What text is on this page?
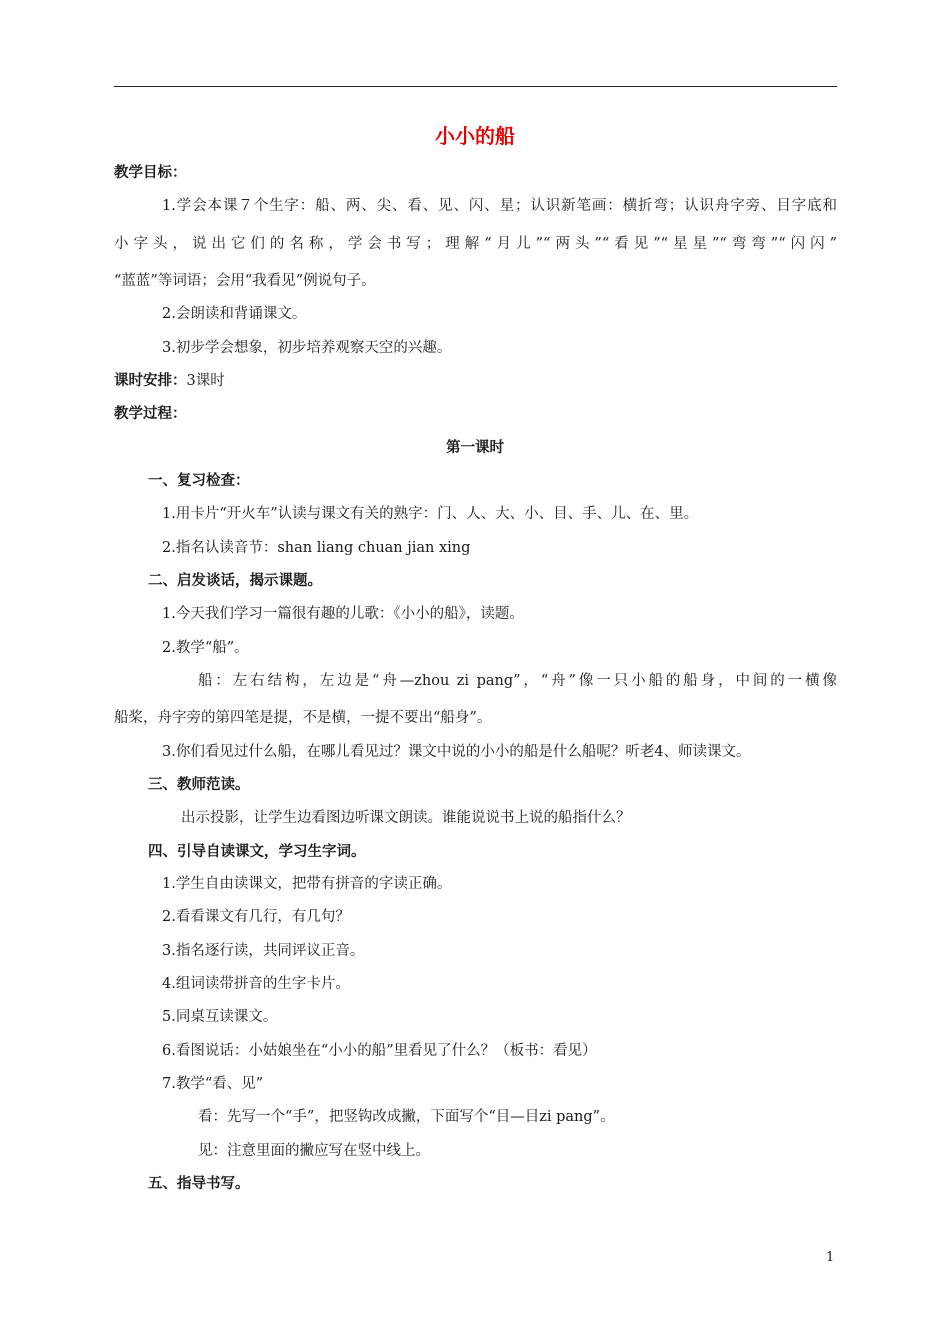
小小的船
教学目标：
1.学会本课７个生字：船、两、尖、看、见、闪、星；认识新笔画：横折弯；认识舟字旁、目字底和
小字头，说出它们的名称，学会书写；理解“月儿”“两头”“看见”“星星”“弯弯”“闪闪”
“蓝蓝”等词语；会用“我看见”例说句子。
2.会朗读和背诵课文。
3.初步学会想象，初步培养观察天空的兴趣。
课时安排：3课时
教学过程：
第一课时
一、复习检查：
1.用卡片“开火车”认读与课文有关的熟字：门、人、大、小、目、手、儿、在、里。
2.指名认读音节：shan liang chuan jian xing
二、启发谈话，揭示课题。
1.今天我们学习一篇很有趣的儿歌：《小小的船》，读题。
2.教学“船”。
船：左右结构，左边是“舟—zhou zi pang”，“舟”像一只小船的船身，中间的一横像
船桨，舟字旁的第四笔是提，不是横，一提不要出“船身”。
3.你们看见过什么船，在哪儿看见过？课文中说的小小的船是什么船呢？听老4、师读课文。
三、教师范读。
出示投影，让学生边看图边听课文朗读。谁能说说书上说的船指什么？
四、引导自读课文，学习生字词。
1.学生自由读课文，把带有拼音的字读正确。
2.看看课文有几行，有几句？
3.指名逐行读，共同评议正音。
4.组词读带拼音的生字卡片。
5.同桌互读课文。
6.看图说话：小姑娘坐在“小小的船”里看见了什么？（板书：看见）
7.教学“看、见”
看：先写一个“手”，把竖钩改成撇，下面写个“目—目zi pang”。
见：注意里面的撇应写在竖中线上。
五、指导书写。
1
